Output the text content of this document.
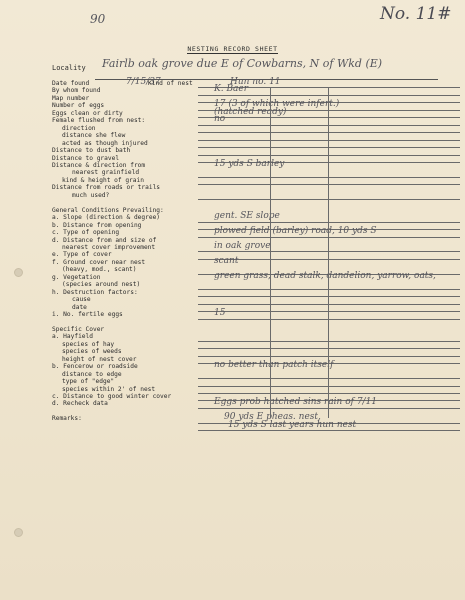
90	No. 11#
NESTING RECORD SHEET
Locality Fairlb oak grove due E of Cowbarns, N of Wkd (E)
Date found	7/15/37
Kind of nest	Hun no. 11
By whom found	K. Baer
Map number
Number of eggs	17 (3 of which were infert.)
Eggs clean or dirty	(hatched ready)
Female flushed from nest:	no
direction
distance she flew
acted as though injured
Distance to dust bath
Distance to gravel
Distance & direction from	15 yds S barley
nearest grainfield
kind & height of grain
Distance from roads or trails
much used?
General Conditions Prevailing:
a. Slope (direction & degree)	gent. SE slope
b. Distance from opening
c. Type of opening	plowed field (barley) road, 10 yds S
d. Distance from and size of
nearest cover improvement	in oak grove
e. Type of cover
f. Ground cover near nest	scant
(heavy, mod., scant)
g. Vegetation	green grass, dead stalk, dandelion, yarrow, oats,
(species around nest)
h. Destruction factors:
cause
date
i. No. fertile eggs	15
Specific Cover
a. Hayfield
species of hay
species of weeds
height of nest cover
b. Fencerow or roadside	no better than patch itself
distance to edge
type of "edge"
species within 2' of nest
c. Distance to good winter cover
d. Recheck data	Eggs prob hatched sins rain of 7/11
Remarks:	90 yds E pheas. nest,
15 yds S last years hun nest
